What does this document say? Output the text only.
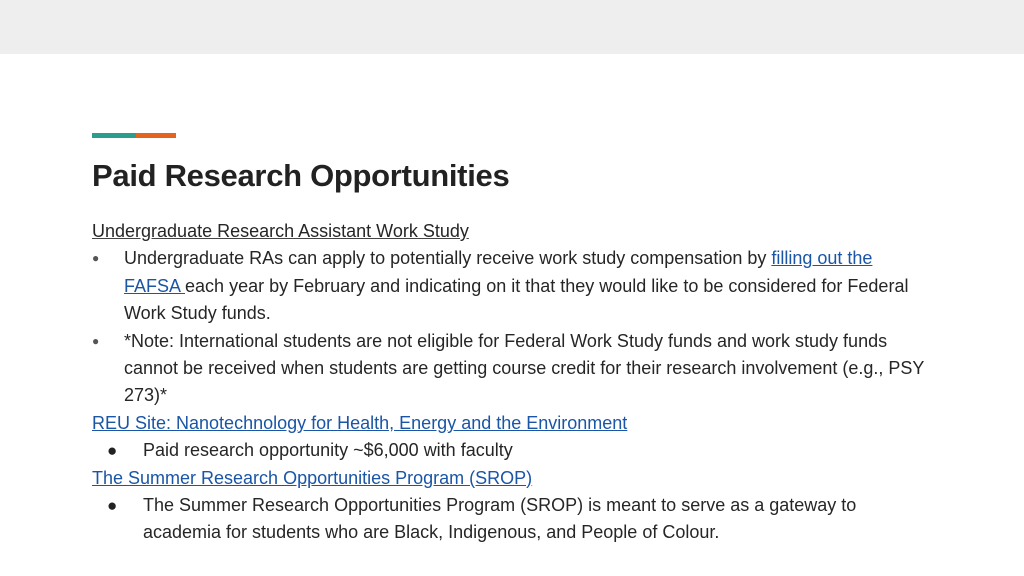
Paid Research Opportunities
Undergraduate Research Assistant Work Study
● Undergraduate RAs can apply to potentially receive work study compensation by filling out the FAFSA each year by February and indicating on it that they would like to be considered for Federal Work Study funds.
● *Note: International students are not eligible for Federal Work Study funds and work study funds cannot be received when students are getting course credit for their research involvement (e.g., PSY 273)*
REU Site: Nanotechnology for Health, Energy and the Environment
● Paid research opportunity ~$6,000 with faculty
The Summer Research Opportunities Program (SROP)
● The Summer Research Opportunities Program (SROP) is meant to serve as a gateway to
academia for students who are Black, Indigenous, and People of Colour.
